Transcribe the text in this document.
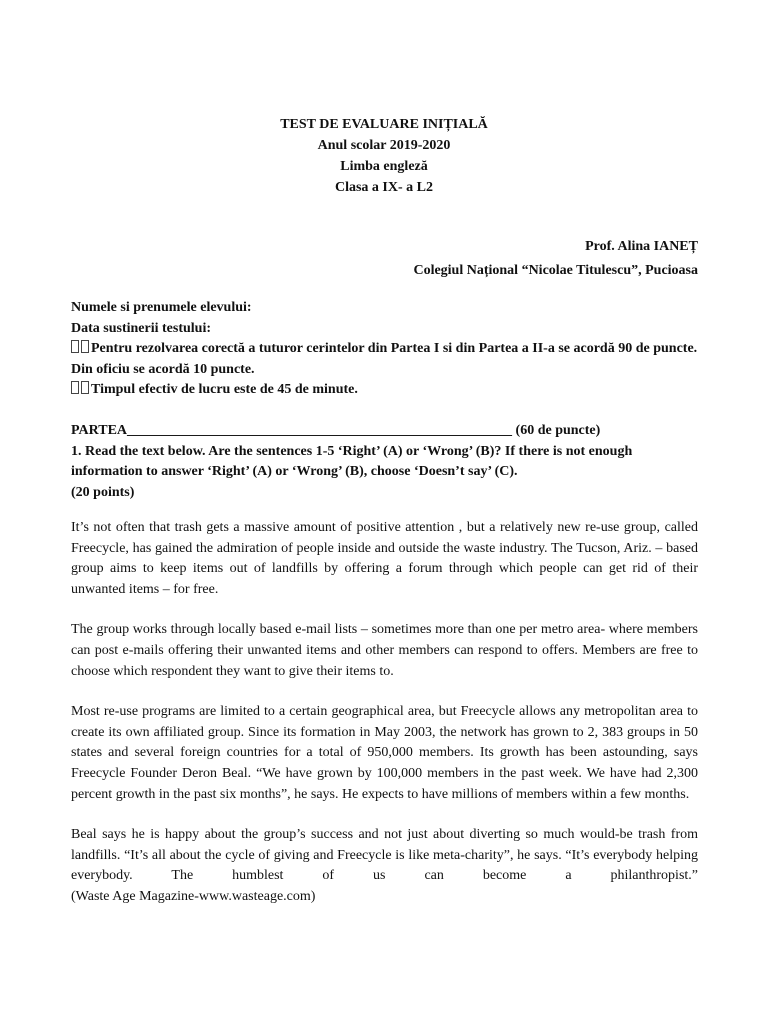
TEST DE EVALUARE INIȚIALĂ
Anul scolar 2019-2020
Limba engleză
Clasa a IX- a L2
Prof. Alina IANEȚ
Colegiul Național “Nicolae Titulescu”, Pucioasa
Numele si prenumele elevului:
Data sustinerii testului:
Pentru rezolvarea corectă a tuturor cerintelor din Partea I si din Partea a II-a se acordă 90 de puncte. Din oficiu se acordă 10 puncte.
Timpul efectiv de lucru este de 45 de minute.
PARTEA_______________________________________________________ (60 de puncte)
1. Read the text below. Are the sentences 1-5 ‘Right’ (A) or ‘Wrong’ (B)? If there is not enough information to answer ‘Right’ (A) or ‘Wrong’ (B), choose ‘Doesn’t say’ (C).
(20 points)

It’s not often that trash gets a massive amount of positive attention , but a relatively new re-use group, called Freecycle, has gained the admiration of people inside and outside the waste industry. The Tucson, Ariz. – based group aims to keep items out of landfills by offering a forum through which people can get rid of their unwanted items – for free.

The group works through locally based e-mail lists – sometimes more than one per metro area- where members can post e-mails offering their unwanted items and other members can respond to offers. Members are free to choose which respondent they want to give their items to.

Most re-use programs are limited to a certain geographical area, but Freecycle allows any metropolitan area to create its own affiliated group. Since its formation in May 2003, the network has grown to 2, 383 groups in 50 states and several foreign countries for a total of 950,000 members. Its growth has been astounding, says Freecycle Founder Deron Beal. “We have grown by 100,000 members in the past week. We have had 2,300 percent growth in the past six months”, he says. He expects to have millions of members within a few months.

Beal says he is happy about the group’s success and not just about diverting so much would-be trash from landfills. “It’s all about the cycle of giving and Freecycle is like meta-charity”, he says. “It’s everybody helping everybody. The humblest of us can become a philanthropist.”

(Waste Age Magazine-www.wasteage.com)
